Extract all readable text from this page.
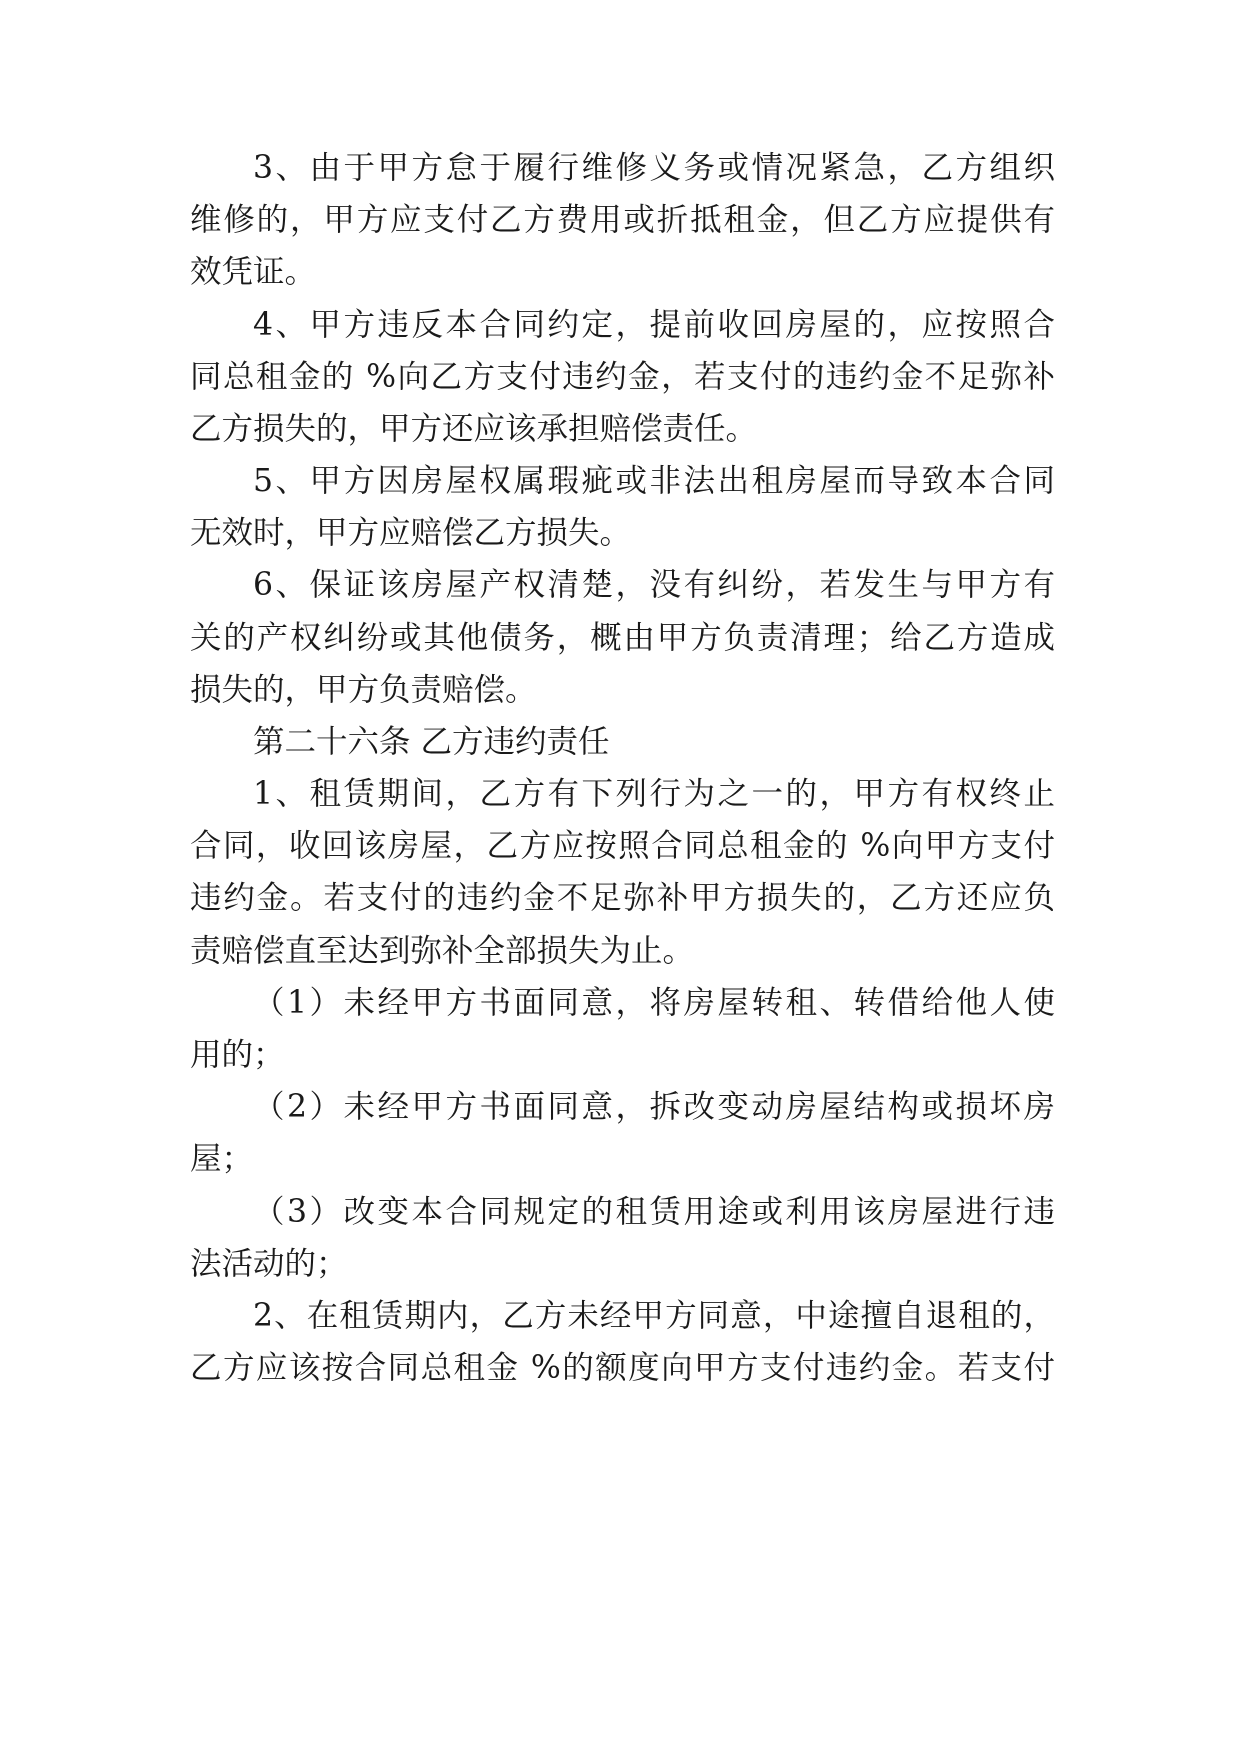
3、由于甲方怠于履行维修义务或情况紧急，乙方组织
维修的，甲方应支付乙方费用或折抵租金，但乙方应提供有
效凭证。
4、甲方违反本合同约定，提前收回房屋的，应按照合
同总租金的 %向乙方支付违约金，若支付的违约金不足弥补
乙方损失的，甲方还应该承担赔偿责任。
5、甲方因房屋权属瑕疵或非法出租房屋而导致本合同
无效时，甲方应赔偿乙方损失。
6、保证该房屋产权清楚，没有纠纷，若发生与甲方有
关的产权纠纷或其他债务，概由甲方负责清理；给乙方造成
损失的，甲方负责赔偿。
第二十六条 乙方违约责任
1、租赁期间，乙方有下列行为之一的，甲方有权终止
合同，收回该房屋，乙方应按照合同总租金的 %向甲方支付
违约金。若支付的违约金不足弥补甲方损失的，乙方还应负
责赔偿直至达到弥补全部损失为止。
（1）未经甲方书面同意，将房屋转租、转借给他人使
用的；
（2）未经甲方书面同意，拆改变动房屋结构或损坏房
屋；
（3）改变本合同规定的租赁用途或利用该房屋进行违
法活动的；
2、在租赁期内，乙方未经甲方同意，中途擅自退租的，
乙方应该按合同总租金 %的额度向甲方支付违约金。若支付
